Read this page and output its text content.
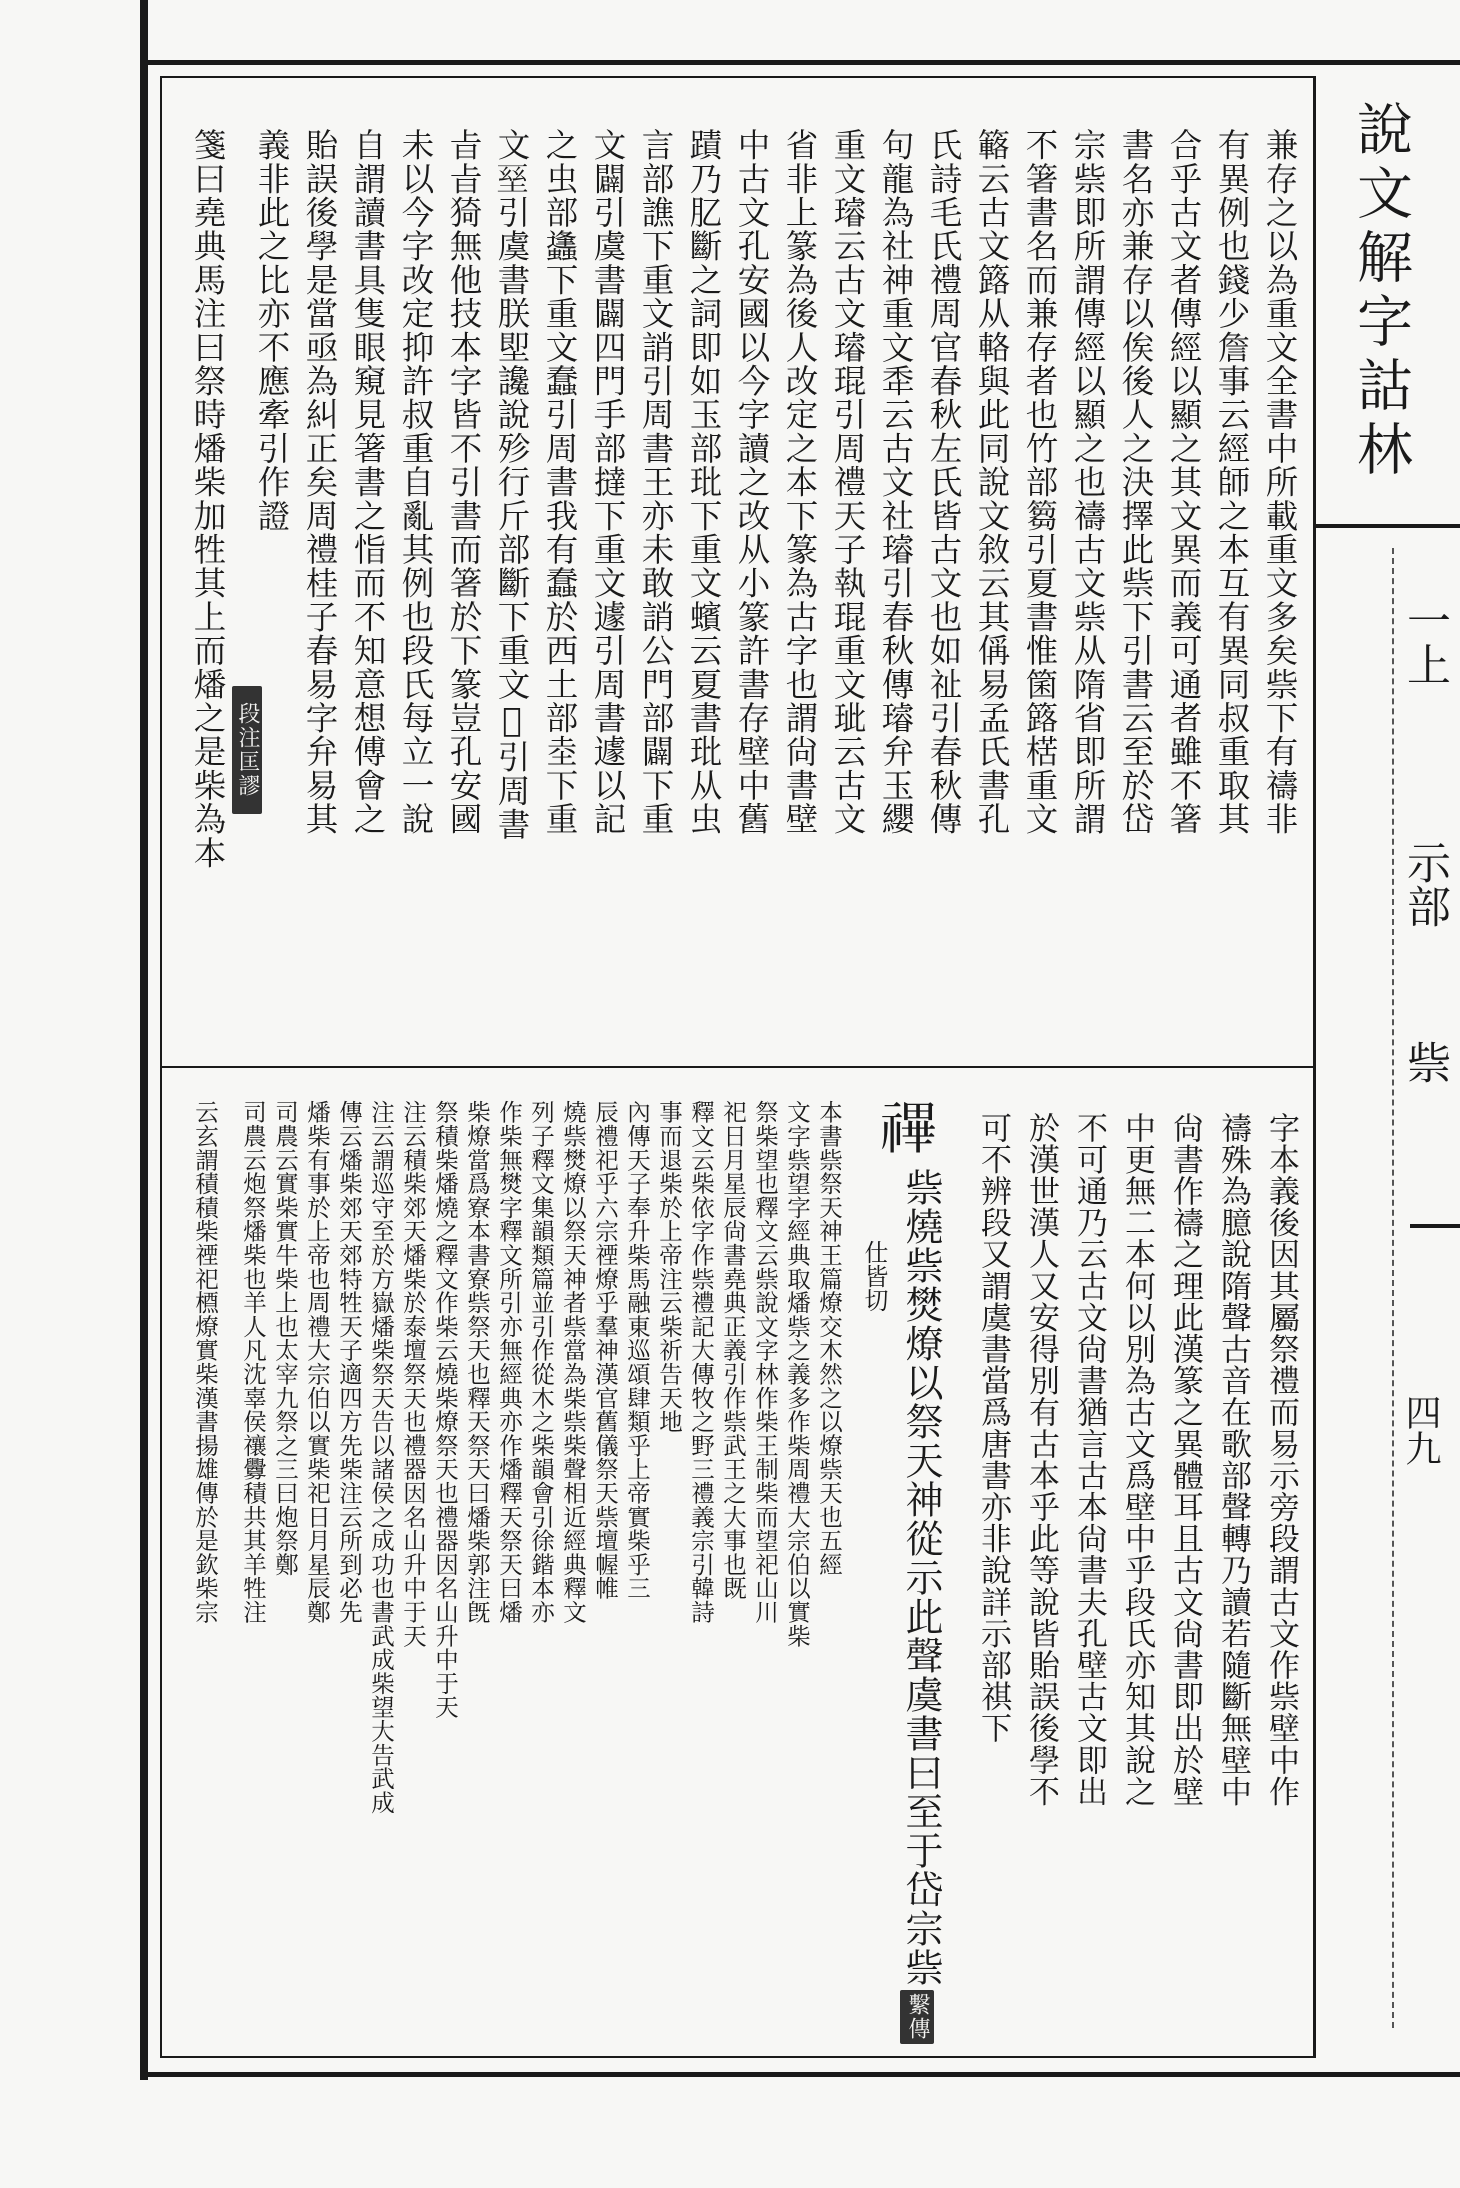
說文解字詁林
一上
示部
祡
四九
兼存之以為重文全書中所載重文多矣祡下有禱非
有異例也錢少詹事云經師之本互有異同叔重取其
合乎古文者傳經以顯之其文異而義可通者雖不箸
書名亦兼存以俟後人之決擇此祡下引書云至於岱
宗祡即所謂傳經以顯之也禱古文祡从隋省即所謂
不箸書名而兼存者也竹部篘引夏書惟箘簬楛重文
簵云古文簬从輅與此同說文敘云其偁易孟氏書孔
氏詩毛氏禮周官春秋左氏皆古文也如祉引春秋傳
句龍為社神重文䄵云古文社璿引春秋傳璿弁玉纓
重文璿云古文璿琨引周禮天子執琨重文玼云古文
省非上篆為後人改定之本下篆為古字也謂尙書壁
中古文孔安國以今字讀之改从小篆許書存壁中舊
蹟乃肊斷之詞即如玉部玭下重文蠙云夏書玭从虫
言部譙下重文誚引周書王亦未敢誚公門部闢下重
文闢引虞書闢四門手部撻下重文遽引周書遽以記
之虫部蠭下重文蠢引周書我有蠢於西土部坴下重
文𡌥引虞書朕堲讒說殄行斤部斷下重文𠜧引周書
㫖㫖猗無他技本字皆不引書而箸於下篆豈孔安國
未以今字改定抑許叔重自亂其例也段氏每立一說
自謂讀書具隻眼窺見箸書之恉而不知意想傅會之
貽誤後學是當亟為糾正矣周禮桂子春易字弁易其
義非此之比亦不應牽引作證
段注匡謬
箋曰堯典馬注曰祭時燔柴加牲其上而燔之是柴為本
𥛘
祡燒祡燓燎以祭天神從示此聲虞書曰至于岱宗祡
繫傳
仕皆切	字本義後因其屬祭禮而易示旁段謂古文作祡壁中作
禱殊為臆說隋聲古音在歌部聲轉乃讀若隨斷無壁中
尙書作禱之理此漢篆之異體耳且古文尙書即出於壁
中更無二本何以別為古文爲壁中乎段氏亦知其說之
不可通乃云古文尙書猶言古本尙書夫孔壁古文即出
於漢世漢人又安得別有古本乎此等說皆貽誤後學不
可不辨段又謂虞書當爲唐書亦非說詳示部祺下
本書祡祭天神王篇燎交木然之以燎祡天也五經
文字祡望字經典取燔祡之義多作柴周禮大宗伯以實柴
祭柴望也釋文云祡說文字林作柴王制柴而望祀山川
祀日月星辰尙書堯典正義引作祡武王之大事也既
釋文云柴依字作祡禮記大傳牧之野三禮義宗引韓詩
事而退柴於上帝注云柴祈告天地
內傳天子奉升柴馬融東巡頌肆類乎上帝實柴乎三
辰禮祀乎六宗禋燎乎羣神漢官舊儀祭天祡壇幄帷
燒祡燓燎以祭天神者祡當為柴祡柴聲相近經典釋文
列子釋文集韻類篇並引作從木之柴韻會引徐鍇本亦
作柴無燓字釋文所引亦無經典亦作燔釋天祭天曰燔
柴燎當爲寮本書寮祡祭天也釋天祭天曰燔柴郭注旣
祭積柴燔燒之釋文作柴云燒柴燎祭天也禮器因名山升中于天
注云積柴郊天燔柴於泰壇祭天也禮器因名山升中于天
注云謂巡守至於方嶽燔柴祭天告以諸侯之成功也書武成柴望大告武成
傳云燔柴郊天郊特牲天子適四方先柴注云所到必先
燔柴有事於上帝也周禮大宗伯以實柴祀日月星辰鄭
司農云實柴實牛柴上也太宰九祭之三曰炮祭鄭
司農云炮祭燔柴也羊人凡沈辜侯禳釁積共其羊牲注
云玄謂積積柴禋祀槱燎實柴漢書揚雄傳於是欽柴宗
